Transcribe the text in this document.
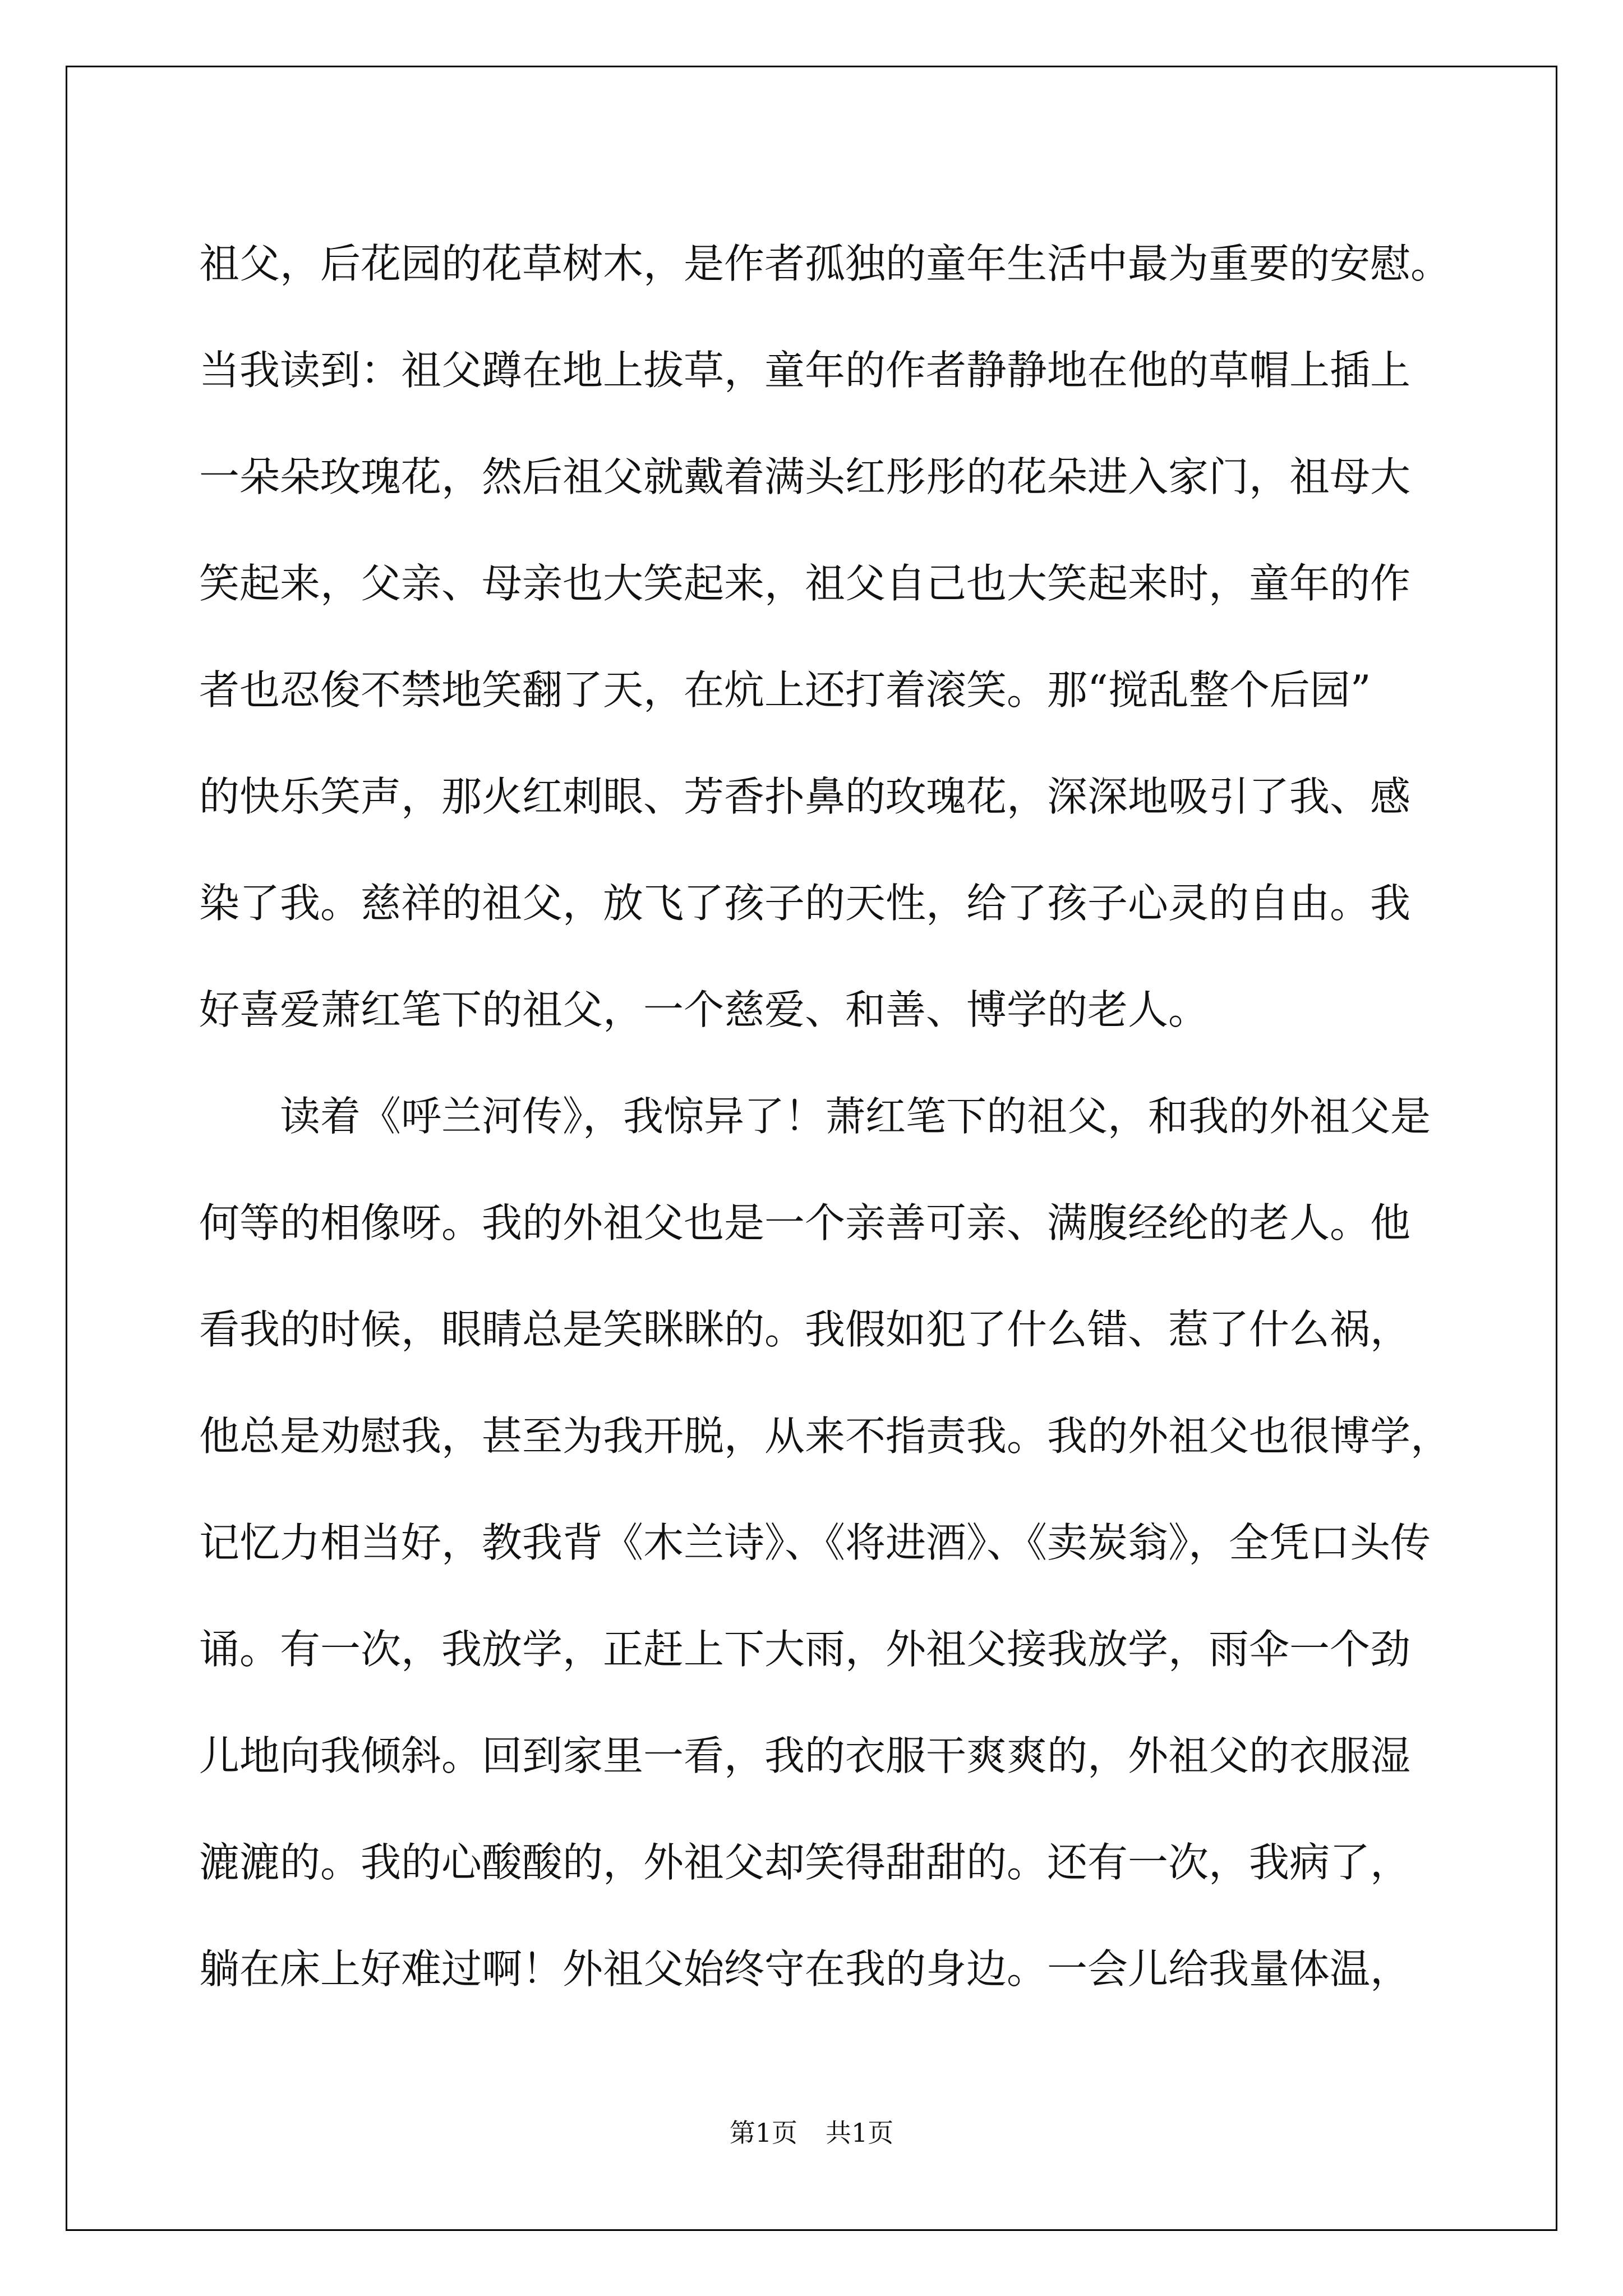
祖父，后花园的花草树木，是作者孤独的童年生活中最为重要的安慰。
当我读到：祖父蹲在地上拔草，童年的作者静静地在他的草帽上插上
一朵朵玫瑰花，然后祖父就戴着满头红彤彤的花朵进入家门，祖母大
笑起来，父亲、母亲也大笑起来，祖父自己也大笑起来时，童年的作
者也忍俊不禁地笑翻了天，在炕上还打着滚笑。那“搅乱整个后园”
的快乐笑声，那火红刺眼、芳香扑鼻的玫瑰花，深深地吸引了我、感
染了我。慈祥的祖父，放飞了孩子的天性，给了孩子心灵的自由。我
好喜爱萧红笔下的祖父，一个慈爱、和善、博学的老人。
　　读着《呼兰河传》，我惊异了！萧红笔下的祖父，和我的外祖父是
何等的相像呀。我的外祖父也是一个亲善可亲、满腹经纶的老人。他
看我的时候，眼睛总是笑眯眯的。我假如犯了什么错、惹了什么祸，
他总是劝慰我，甚至为我开脱，从来不指责我。我的外祖父也很博学，
记忆力相当好，教我背《木兰诗》、《将进酒》、《卖炭翁》，全凭口头传
诵。有一次，我放学，正赶上下大雨，外祖父接我放学，雨伞一个劲
儿地向我倾斜。回到家里一看，我的衣服干爽爽的，外祖父的衣服湿
漉漉的。我的心酸酸的，外祖父却笑得甜甜的。还有一次，我病了，
躺在床上好难过啊！外祖父始终守在我的身边。一会儿给我量体温，
第1页 共1页
